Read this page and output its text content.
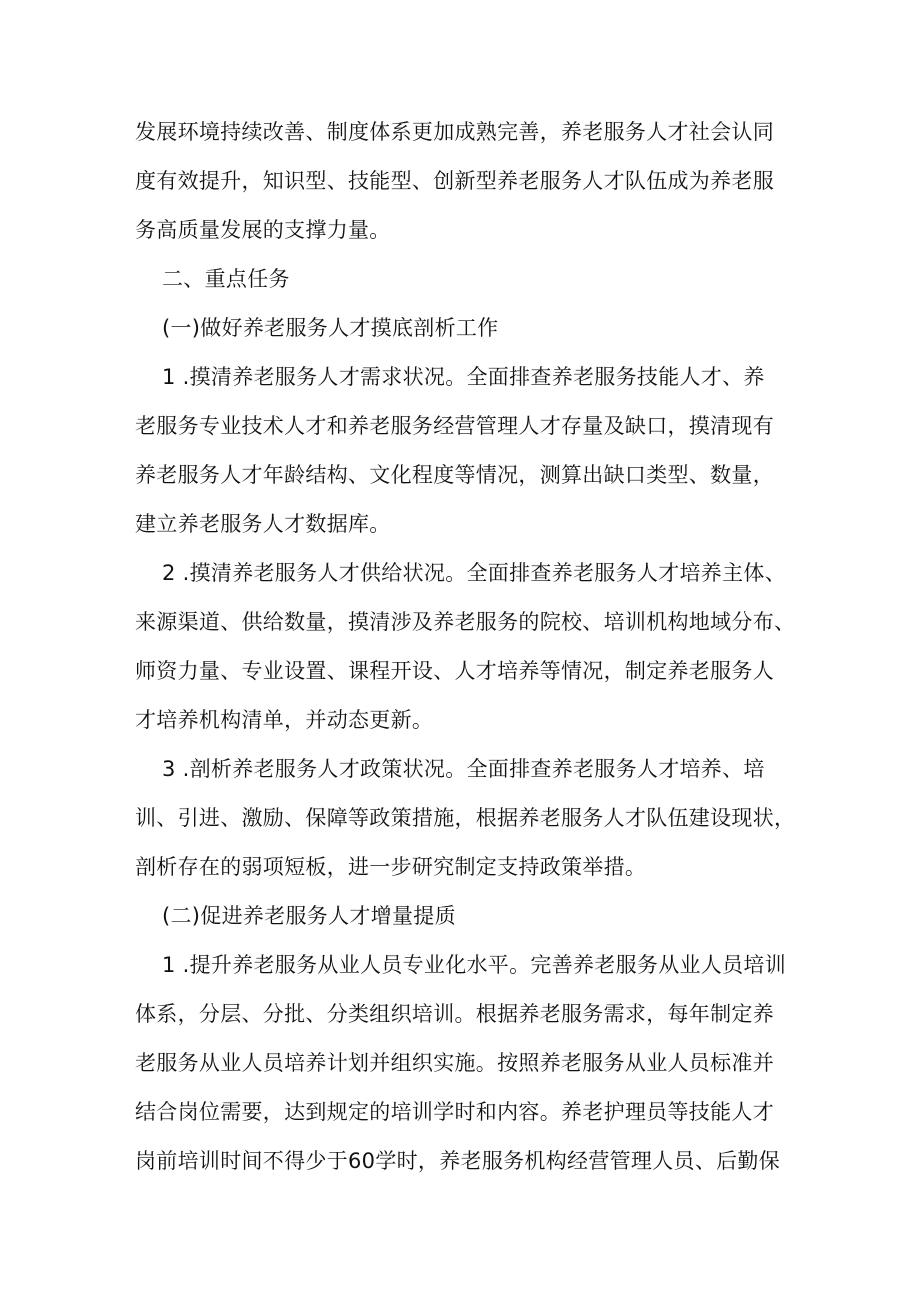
发展环境持续改善、制度体系更加成熟完善，养老服务人才社会认同
度有效提升，知识型、技能型、创新型养老服务人才队伍成为养老服
务高质量发展的支撑力量。
二、重点任务
(一)做好养老服务人才摸底剖析工作
1 .摸清养老服务人才需求状况。全面排查养老服务技能人才、养
老服务专业技术人才和养老服务经营管理人才存量及缺口，摸清现有
养老服务人才年龄结构、文化程度等情况，测算出缺口类型、数量，
建立养老服务人才数据库。
2 .摸清养老服务人才供给状况。全面排查养老服务人才培养主体、
来源渠道、供给数量，摸清涉及养老服务的院校、培训机构地域分布、
师资力量、专业设置、课程开设、人才培养等情况，制定养老服务人
才培养机构清单，并动态更新。
3 .剖析养老服务人才政策状况。全面排查养老服务人才培养、培
训、引进、激励、保障等政策措施，根据养老服务人才队伍建设现状，
剖析存在的弱项短板，进一步研究制定支持政策举措。
(二)促进养老服务人才增量提质
1 .提升养老服务从业人员专业化水平。完善养老服务从业人员培训
体系，分层、分批、分类组织培训。根据养老服务需求，每年制定养
老服务从业人员培养计划并组织实施。按照养老服务从业人员标准并
结合岗位需要，达到规定的培训学时和内容。养老护理员等技能人才
岗前培训时间不得少于60学时，养老服务机构经营管理人员、后勤保
